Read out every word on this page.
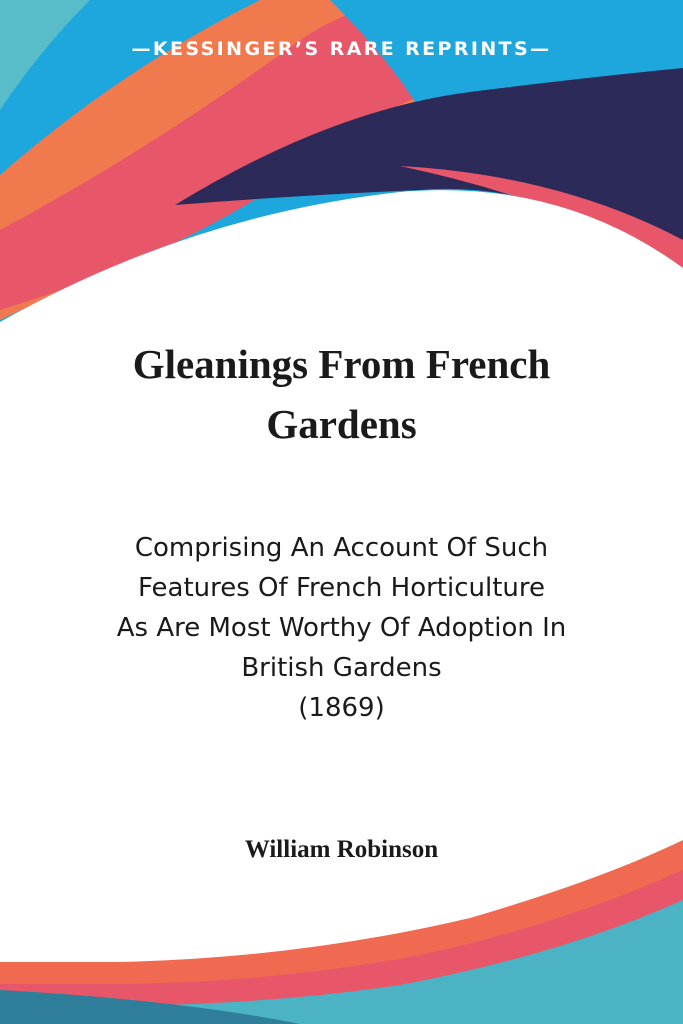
—KESSINGER’S RARE REPRINTS—
Gleanings From French
Gardens
Comprising An Account Of Such
Features Of French Horticulture
As Are Most Worthy Of Adoption In
British Gardens
(1869)
William Robinson
